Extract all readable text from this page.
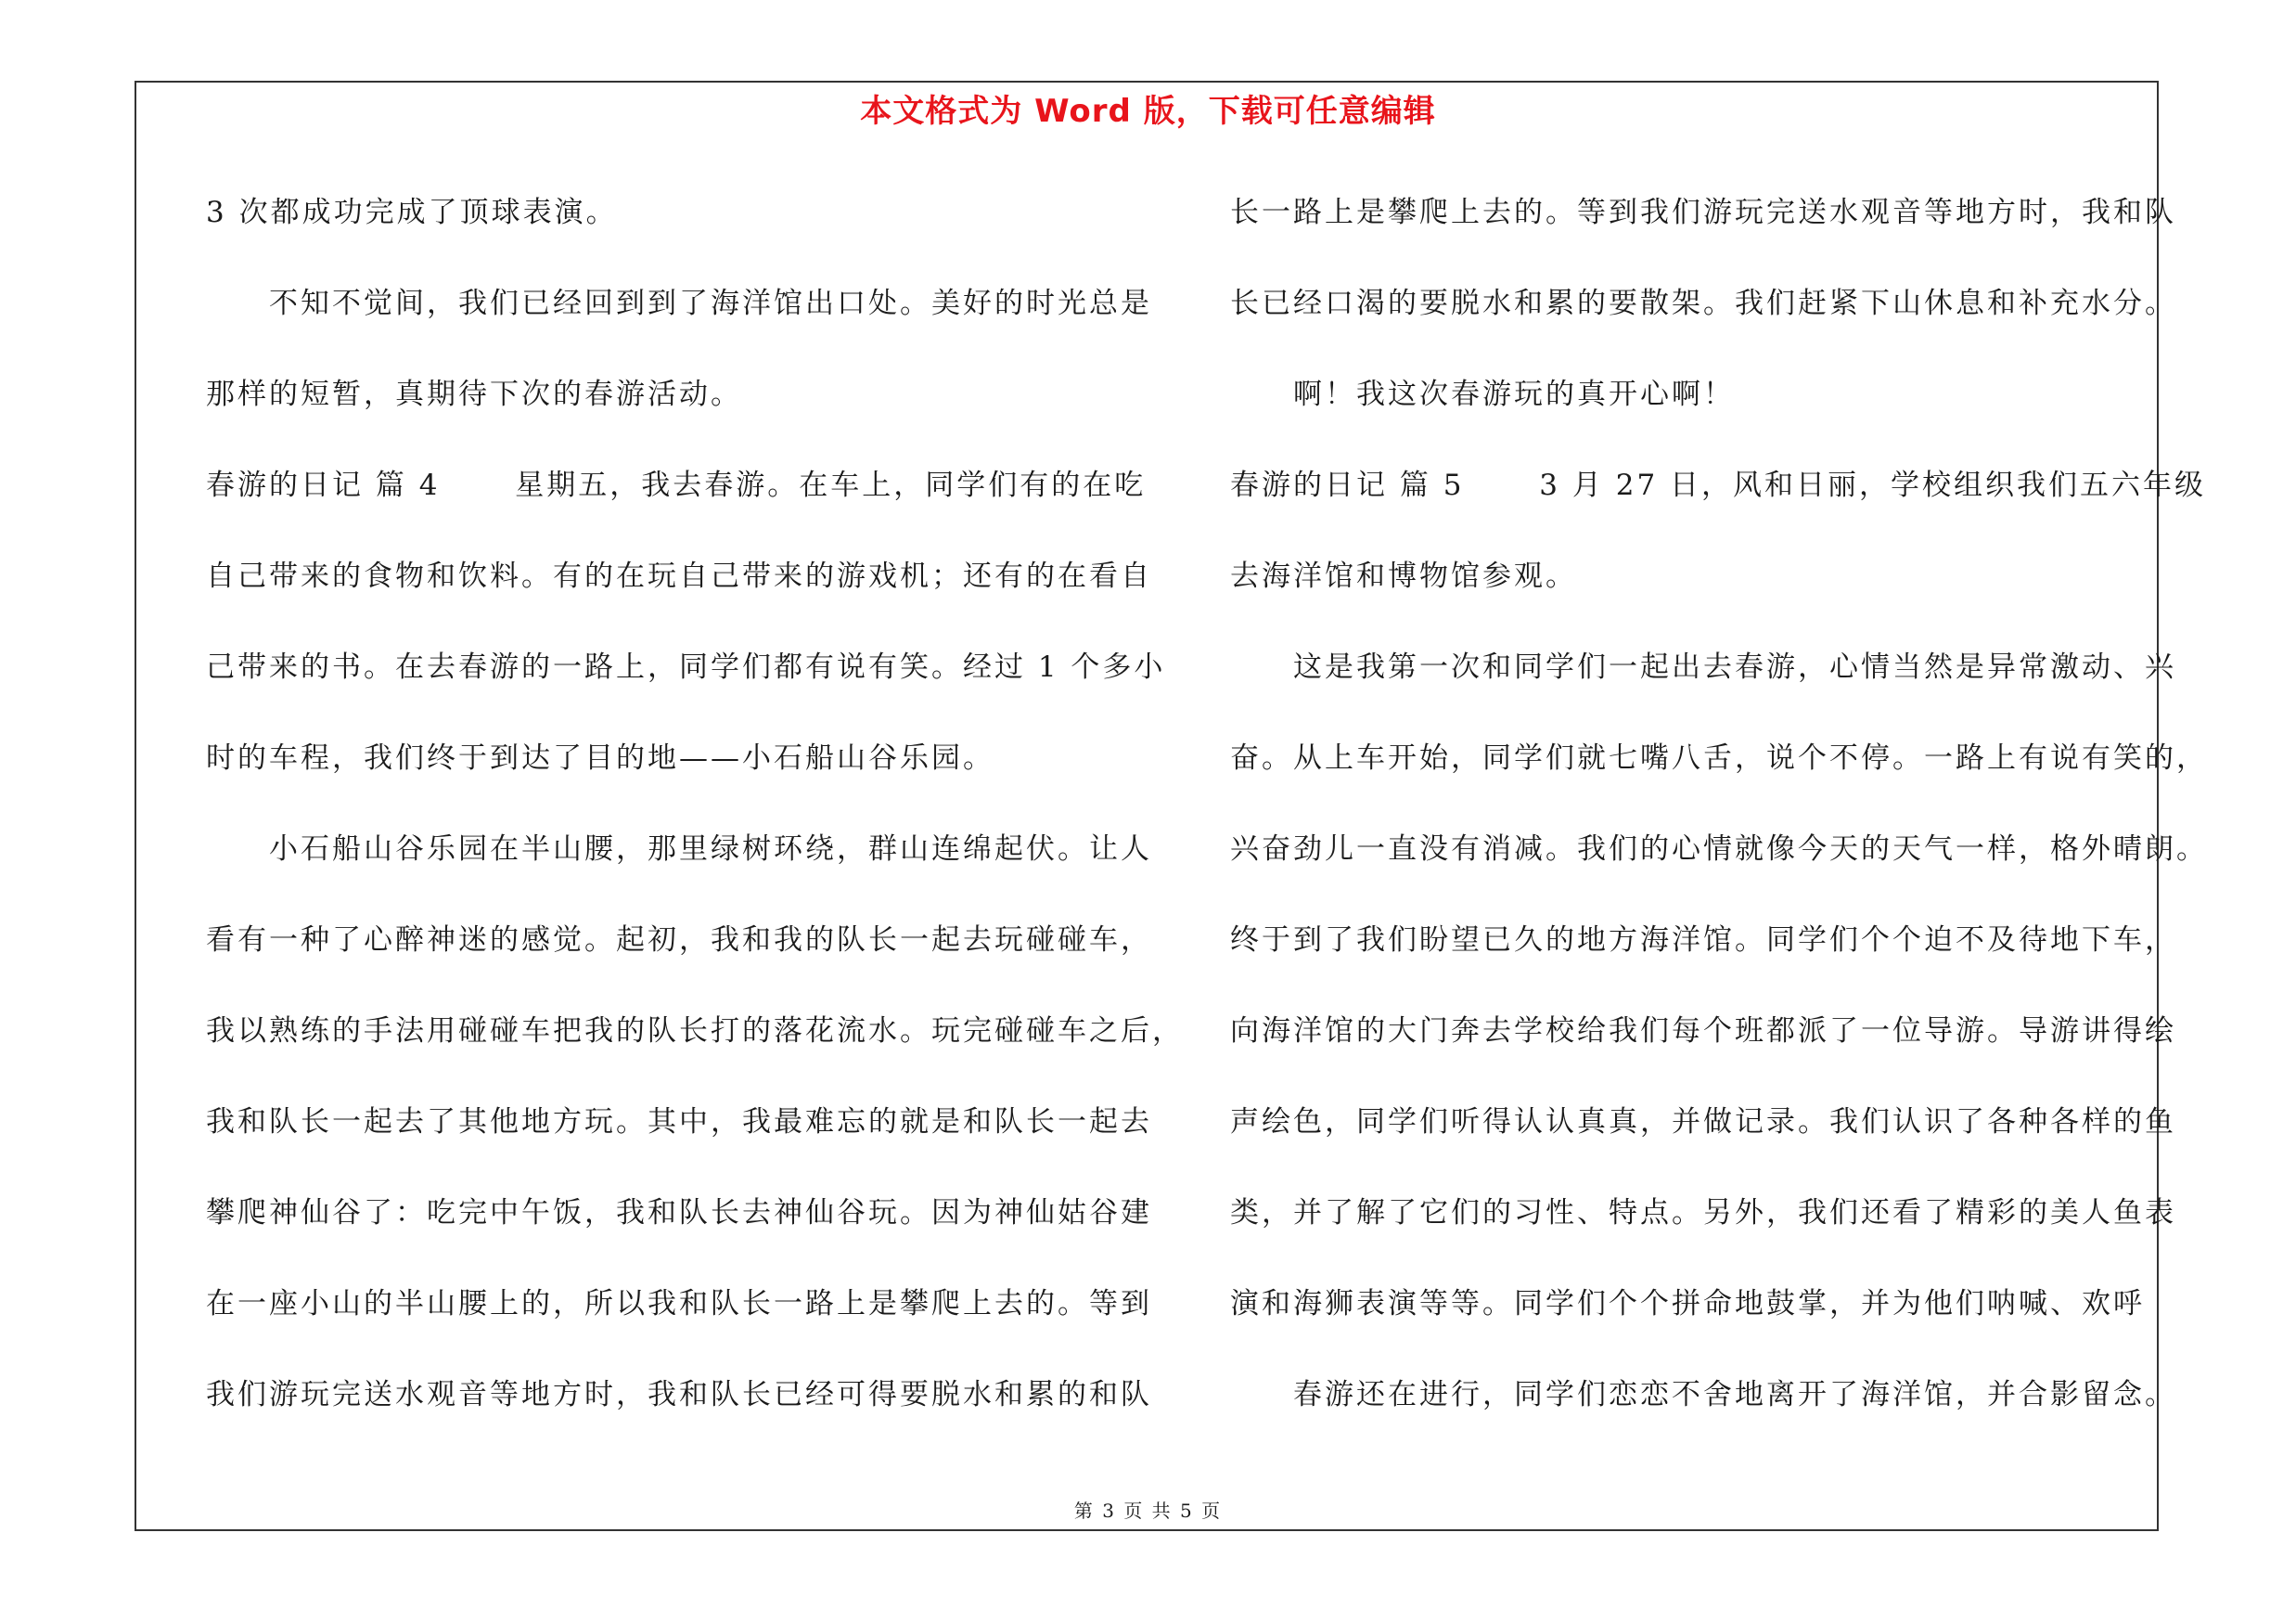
本文格式为 Word 版，下载可任意编辑
3 次都成功完成了顶球表演。
　　不知不觉间，我们已经回到到了海洋馆出口处。美好的时光总是
那样的短暂，真期待下次的春游活动。
春游的日记 篇 4 　　星期五，我去春游。在车上，同学们有的在吃
自己带来的食物和饮料。有的在玩自己带来的游戏机；还有的在看自
己带来的书。在去春游的一路上，同学们都有说有笑。经过 1 个多小
时的车程，我们终于到达了目的地——小石船山谷乐园。
　　小石船山谷乐园在半山腰，那里绿树环绕，群山连绵起伏。让人
看有一种了心醉神迷的感觉。起初，我和我的队长一起去玩碰碰车，
我以熟练的手法用碰碰车把我的队长打的落花流水。玩完碰碰车之后，
我和队长一起去了其他地方玩。其中，我最难忘的就是和队长一起去
攀爬神仙谷了：吃完中午饭，我和队长去神仙谷玩。因为神仙姑谷建
在一座小山的半山腰上的，所以我和队长一路上是攀爬上去的。等到
我们游玩完送水观音等地方时，我和队长已经可得要脱水和累的和队
长一路上是攀爬上去的。等到我们游玩完送水观音等地方时，我和队
长已经口渴的要脱水和累的要散架。我们赶紧下山休息和补充水分。
　　啊！我这次春游玩的真开心啊！
春游的日记 篇 5 　　3 月 27 日，风和日丽，学校组织我们五六年级
去海洋馆和博物馆参观。
　　这是我第一次和同学们一起出去春游，心情当然是异常激动、兴
奋。从上车开始，同学们就七嘴八舌，说个不停。一路上有说有笑的，
兴奋劲儿一直没有消减。我们的心情就像今天的天气一样，格外晴朗。
终于到了我们盼望已久的地方海洋馆。同学们个个迫不及待地下车，
向海洋馆的大门奔去学校给我们每个班都派了一位导游。导游讲得绘
声绘色，同学们听得认认真真，并做记录。我们认识了各种各样的鱼
类，并了解了它们的习性、特点。另外，我们还看了精彩的美人鱼表
演和海狮表演等等。同学们个个拼命地鼓掌，并为他们呐喊、欢呼
　　春游还在进行，同学们恋恋不舍地离开了海洋馆，并合影留念。
第 3 页 共 5 页
